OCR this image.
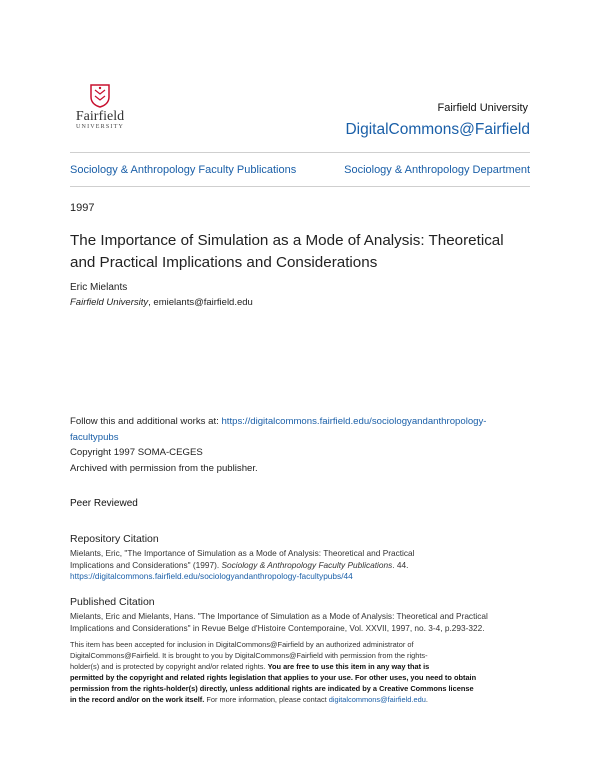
Fairfield
UNIVERSITY
Fairfield University
DigitalCommons@Fairfield
Sociology & Anthropology Faculty Publications	Sociology & Anthropology Department
1997
The Importance of Simulation as a Mode of Analysis: Theoretical
and Practical Implications and Considerations
Eric Mielants
Fairfield University, emielants@fairfield.edu
Follow this and additional works at: https://digitalcommons.fairfield.edu/sociologyandanthropology-
facultypubs
Copyright 1997 SOMA-CEGES
Archived with permission from the publisher.
Peer Reviewed
Repository Citation
Mielants, Eric, "The Importance of Simulation as a Mode of Analysis: Theoretical and Practical
Implications and Considerations" (1997). Sociology & Anthropology Faculty Publications. 44.
https://digitalcommons.fairfield.edu/sociologyandanthropology-facultypubs/44
Published Citation
Mielants, Eric and Mielants, Hans. "The Importance of Simulation as a Mode of Analysis: Theoretical and Practical
Implications and Considerations" in Revue Belge d'Histoire Contemporaine, Vol. XXVII, 1997, no. 3-4, p.293-322.
This item has been accepted for inclusion in DigitalCommons@Fairfield by an authorized administrator of
DigitalCommons@Fairfield. It is brought to you by DigitalCommons@Fairfield with permission from the rights-
holder(s) and is protected by copyright and/or related rights. You are free to use this item in any way that is
permitted by the copyright and related rights legislation that applies to your use. For other uses, you need to obtain
permission from the rights-holder(s) directly, unless additional rights are indicated by a Creative Commons license
in the record and/or on the work itself. For more information, please contact digitalcommons@fairfield.edu.
